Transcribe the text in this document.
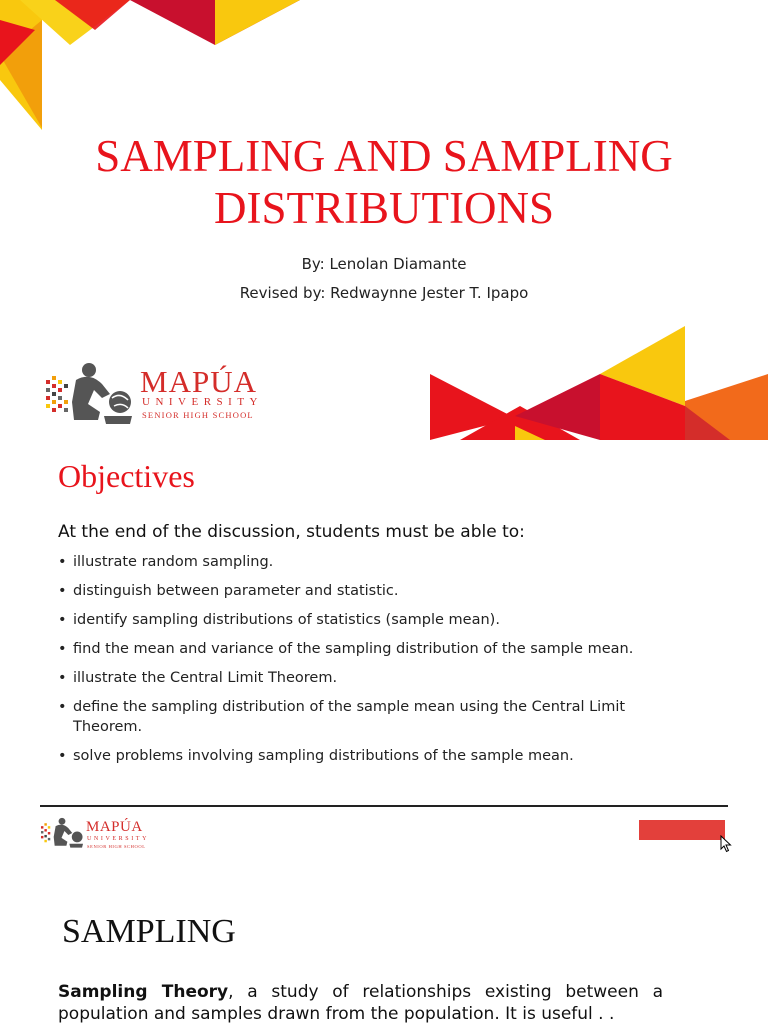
SAMPLING AND SAMPLING
DISTRIBUTIONS
By: Lenolan Diamante
Revised by: Redwaynne Jester T. Ipapo
MAPÚA
UNIVERSITY
SENIOR HIGH SCHOOL
Objectives

At the end of the discussion, students must be able to:

• illustrate random sampling.
• distinguish between parameter and statistic.
• identify sampling distributions of statistics (sample mean).
• find the mean and variance of the sampling distribution of the sample mean.
• illustrate the Central Limit Theorem.
• define the sampling distribution of the sample mean using the Central Limit Theorem.
• solve problems involving sampling distributions of the sample mean.
MAPÚA
UNIVERSITY
SENIOR HIGH SCHOOL
SAMPLING

Sampling Theory, a study of relationships existing between a population and samples drawn from the population. It is useful . .
